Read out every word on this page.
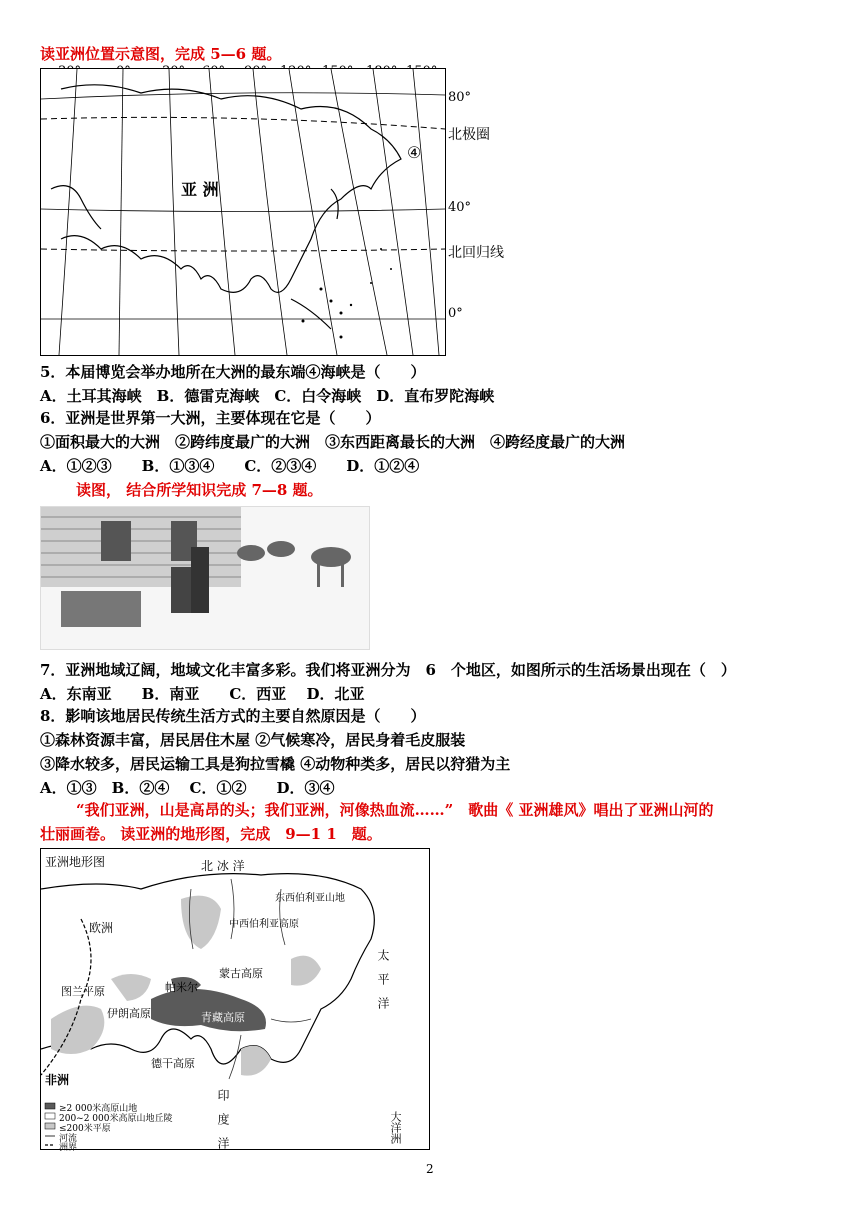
读亚洲位置示意图，完成 5—6 题。
④
亚 洲
80°
北极圈
40°
北回归线
0°
5．本届博览会举办地所在大洲的最东端④海峡是（　　）
A．土耳其海峡　B．德雷克海峡　C．白令海峡　D．直布罗陀海峡
6．亚洲是世界第一大洲，主要体现在它是（　　）
①面积最大的大洲　②跨纬度最广的大洲　③东西距离最长的大洲　④跨经度最广的大洲
A．①②③　　B．①③④　　C．②③④　　D．①②④
读图， 结合所学知识完成 7—8 题。
7．亚洲地域辽阔，地域文化丰富多彩。我们将亚洲分为　6　个地区，如图所示的生活场景出现在（　）
A．东南亚　　B．南亚　　C．西亚　 D．北亚
8．影响该地居民传统生活方式的主要自然原因是（　　）
①森林资源丰富，居民居住木屋 ②气候寒冷，居民身着毛皮服装
③降水较多，居民运输工具是狗拉雪橇 ④动物种类多，居民以狩猎为主
A．①③　B．②④　 C．①②　　D．③④
“我们亚洲，山是高昂的头；我们亚洲，河像热血流……”　歌曲《 亚洲雄风》唱出了亚洲山河的
壮丽画卷。 读亚洲的地形图，完成　9—1 1　题。
亚洲地形图	北 冰 洋
欧洲
非洲
大洋洲
太　平　洋
印　度　洋
蒙古高原
青藏高原
伊朗高原
图兰平原	帕米尔
德干高原
中西伯利亚高原
东西伯利亚山地
≥2 000米高原山地
200~2 000米高原山地丘陵
≤200米平原
河流
洲界
2
